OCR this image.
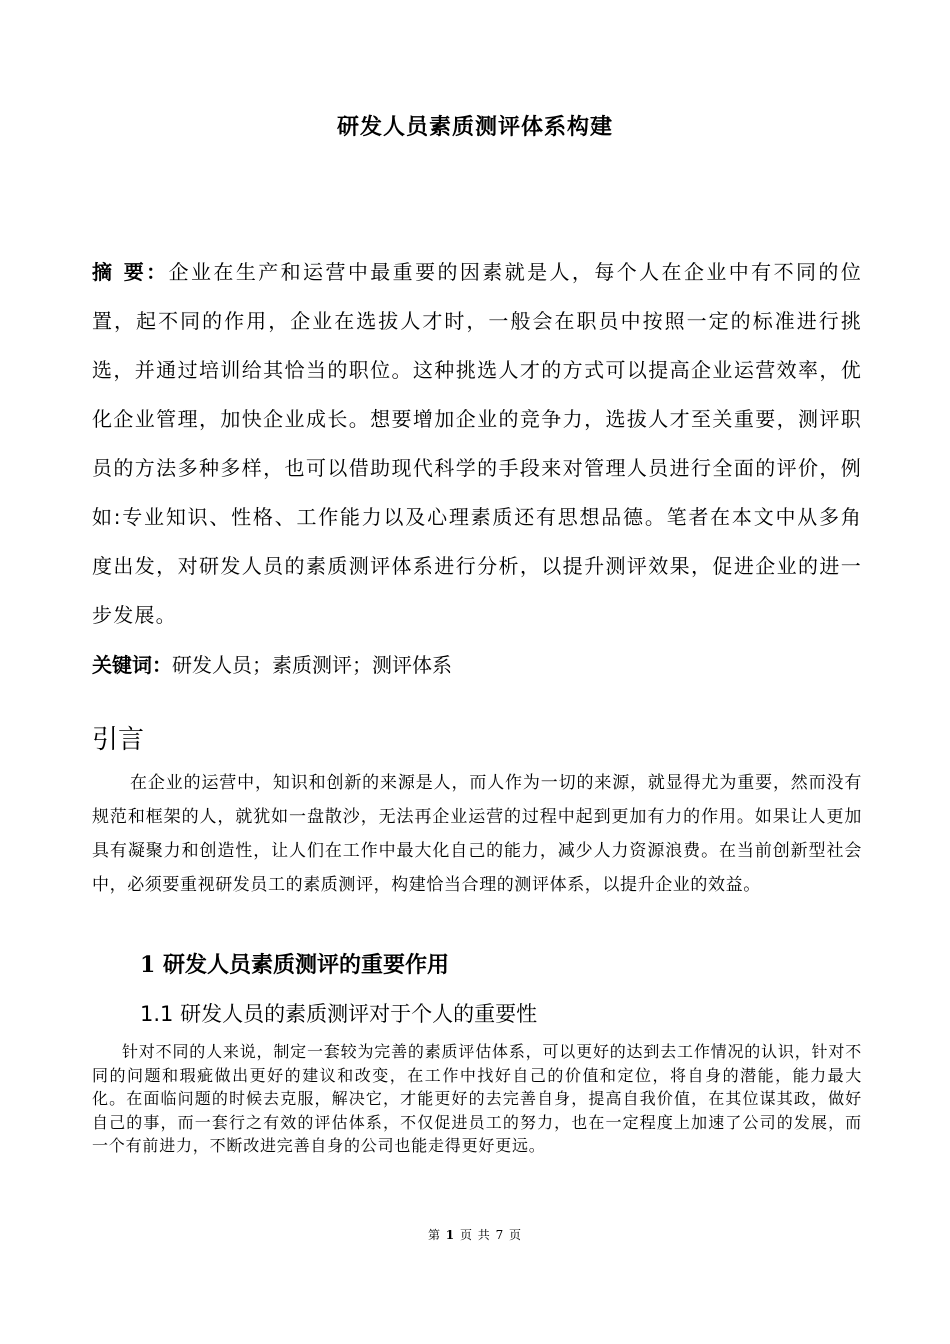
研发人员素质测评体系构建
摘 要：企业在生产和运营中最重要的因素就是人，每个人在企业中有不同的位置，起不同的作用，企业在选拔人才时，一般会在职员中按照一定的标准进行挑选，并通过培训给其恰当的职位。这种挑选人才的方式可以提高企业运营效率，优化企业管理，加快企业成长。想要增加企业的竞争力，选拔人才至关重要，测评职员的方法多种多样，也可以借助现代科学的手段来对管理人员进行全面的评价，例如:专业知识、性格、工作能力以及心理素质还有思想品德。笔者在本文中从多角度出发，对研发人员的素质测评体系进行分析，以提升测评效果，促进企业的进一步发展。
关键词：研发人员；素质测评；测评体系
引言
在企业的运营中，知识和创新的来源是人，而人作为一切的来源，就显得尤为重要，然而没有规范和框架的人，就犹如一盘散沙，无法再企业运营的过程中起到更加有力的作用。如果让人更加具有凝聚力和创造性，让人们在工作中最大化自己的能力，减少人力资源浪费。在当前创新型社会中，必须要重视研发员工的素质测评，构建恰当合理的测评体系，以提升企业的效益。
1 研发人员素质测评的重要作用
1.1 研发人员的素质测评对于个人的重要性
针对不同的人来说，制定一套较为完善的素质评估体系，可以更好的达到去工作情况的认识，针对不同的问题和瑕疵做出更好的建议和改变，在工作中找好自己的价值和定位，将自身的潜能，能力最大化。在面临问题的时候去克服，解决它，才能更好的去完善自身，提高自我价值，在其位谋其政，做好自己的事，而一套行之有效的评估体系，不仅促进员工的努力，也在一定程度上加速了公司的发展，而一个有前进力，不断改进完善自身的公司也能走得更好更远。
第 1 页 共 7 页
